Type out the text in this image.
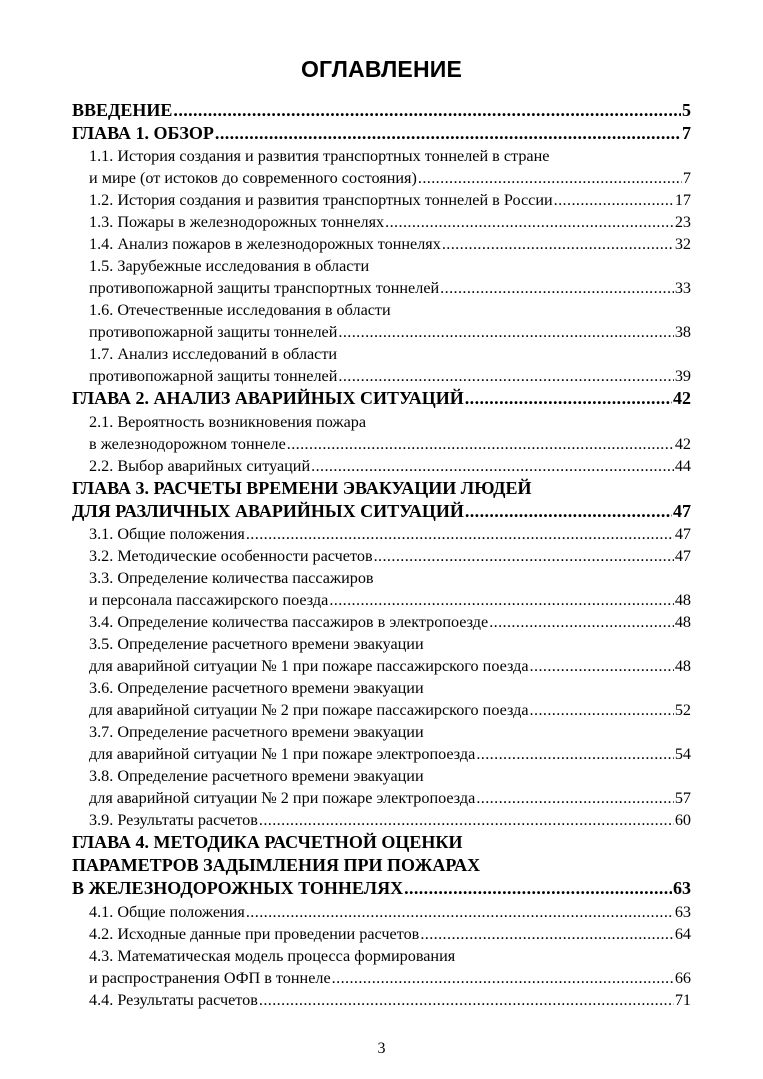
ОГЛАВЛЕНИЕ
ВВЕДЕНИЕ .....	5
ГЛАВА 1. ОБЗОР .....	7
1.1. История создания и развития транспортных тоннелей в стране
и мире (от истоков до современного состояния) .....	7
1.2. История создания и развития транспортных тоннелей в России .....	17
1.3. Пожары в железнодорожных тоннелях .....	23
1.4. Анализ пожаров в железнодорожных тоннелях .....	32
1.5. Зарубежные исследования в области
противопожарной защиты транспортных тоннелей .....	33
1.6. Отечественные исследования в области
противопожарной защиты тоннелей .....	38
1.7. Анализ исследований в области
противопожарной защиты тоннелей .....	39
ГЛАВА 2. АНАЛИЗ АВАРИЙНЫХ СИТУАЦИЙ .....	42
2.1. Вероятность возникновения пожара
в железнодорожном тоннеле .....	42
2.2. Выбор аварийных ситуаций .....	44
ГЛАВА 3. РАСЧЕТЫ ВРЕМЕНИ ЭВАКУАЦИИ ЛЮДЕЙ
ДЛЯ РАЗЛИЧНЫХ АВАРИЙНЫХ СИТУАЦИЙ .....	47
3.1. Общие положения .....	47
3.2. Методические особенности расчетов .....	47
3.3. Определение количества пассажиров
и персонала пассажирского поезда .....	48
3.4. Определение количества пассажиров в электропоезде .....	48
3.5. Определение расчетного времени эвакуации
для аварийной ситуации № 1 при пожаре пассажирского поезда .....	48
3.6. Определение расчетного времени эвакуации
для аварийной ситуации № 2 при пожаре пассажирского поезда .....	52
3.7. Определение расчетного времени эвакуации
для аварийной ситуации № 1 при пожаре электропоезда .....	54
3.8. Определение расчетного времени эвакуации
для аварийной ситуации № 2 при пожаре электропоезда .....	57
3.9. Результаты расчетов .....	60
ГЛАВА 4. МЕТОДИКА РАСЧЕТНОЙ ОЦЕНКИ
ПАРАМЕТРОВ ЗАДЫМЛЕНИЯ ПРИ ПОЖАРАХ
В ЖЕЛЕЗНОДОРОЖНЫХ ТОННЕЛЯХ .....	63
4.1. Общие положения .....	63
4.2. Исходные данные при проведении расчетов .....	64
4.3. Математическая модель процесса формирования
и распространения ОФП в тоннеле .....	66
4.4. Результаты расчетов .....	71
3
